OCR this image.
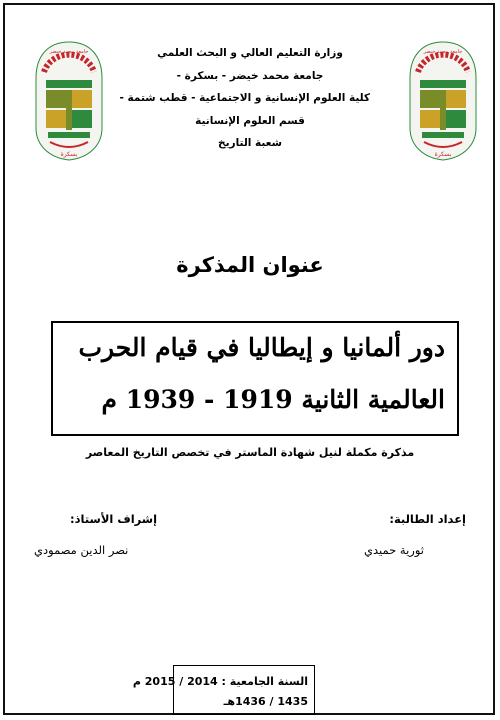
جامعة محمد خيضر
بسكرة
جامعة محمد خيضر
بسكرة
وزارة التعليم العالي و البحث العلمي
جامعة محمد خيضر - بسكرة -
كلية العلوم الإنسانية و الاجتماعية - قطب شتمة -
قسم العلوم الإنسانية
شعبة التاريخ
عنوان المذكرة
دور ألمانيا و إيطاليا في قيام الحرب
العالمية الثانية 1919 - 1939 م
مذكرة مكملة لنيل شهادة الماستر في تخصص التاريخ المعاصر
إشراف الأستاذ:	إعداد الطالبة:
نصر الدين مصمودي	ثورية حميدي
السنة الجامعية : 2014 / 2015 م
1435 / 1436هـ
